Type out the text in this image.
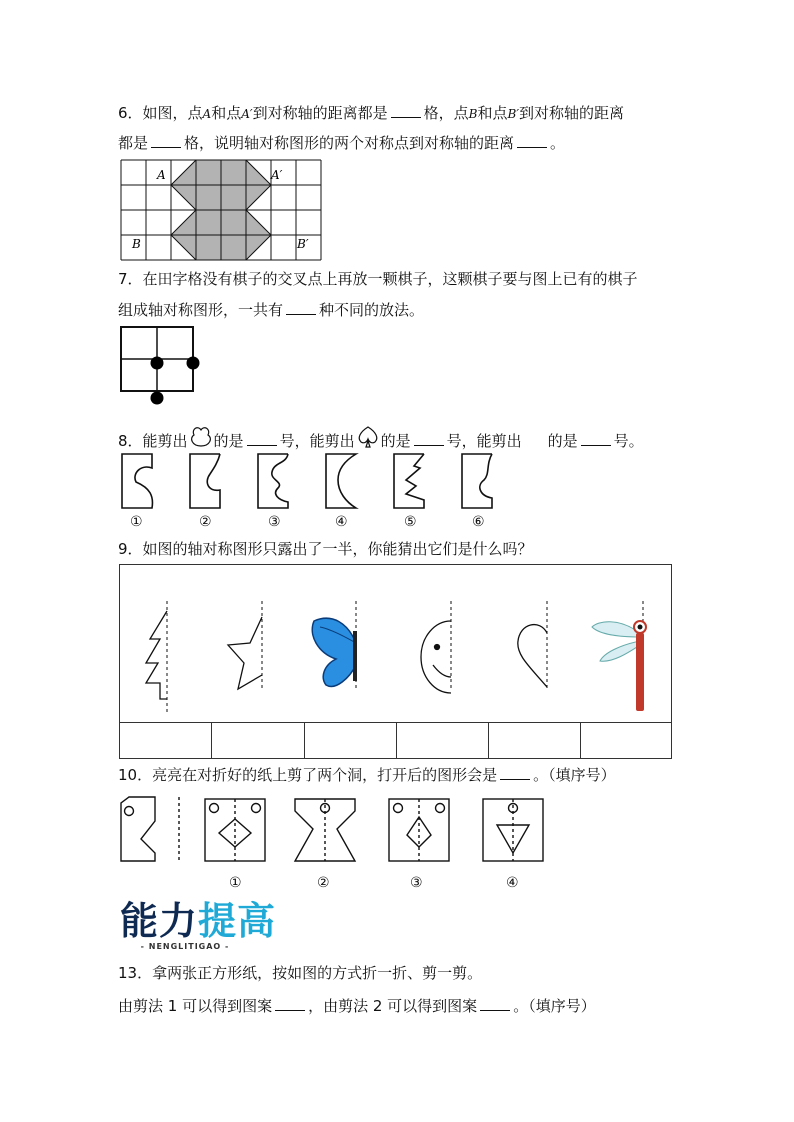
6．如图，点A和点A′到对称轴的距离都是 格，点B和点B′到对称轴的距离
都是 格，说明轴对称图形的两个对称点到对称轴的距离 。
A	A′
B	B′
7．在田字格没有棋子的交叉点上再放一颗棋子，这颗棋子要与图上已有的棋子
组成轴对称图形，一共有 种不同的放法。
8．能剪出 的是 号，能剪出 的是 号，能剪出 的是 号。
①	②	③	④	⑤	⑥
9．如图的轴对称图形只露出了一半，你能猜出它们是什么吗？
10．亮亮在对折好的纸上剪了两个洞，打开后的图形会是 。（填序号）
①	②	③	④
能力提高
- NENGLITIGAO -
13．拿两张正方形纸，按如图的方式折一折、剪一剪。
由剪法 1 可以得到图案 ，由剪法 2 可以得到图案 。（填序号）
